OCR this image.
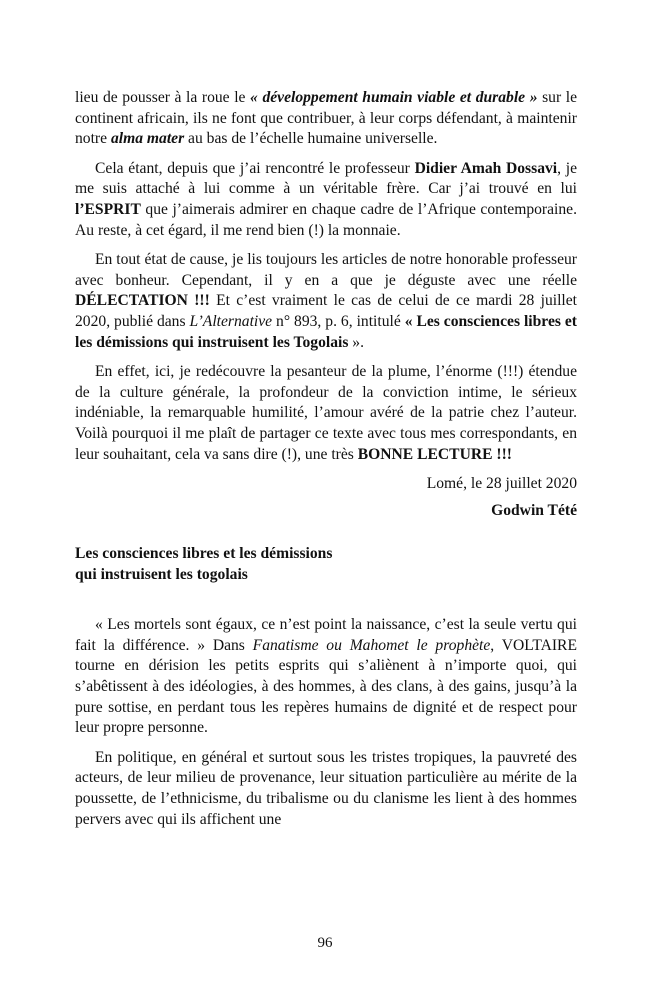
lieu de pousser à la roue le « développement humain viable et durable » sur le continent africain, ils ne font que contribuer, à leur corps défendant, à maintenir notre alma mater au bas de l’échelle humaine universelle.

Cela étant, depuis que j’ai rencontré le professeur Didier Amah Dossavi, je me suis attaché à lui comme à un véritable frère. Car j’ai trouvé en lui l’ESPRIT que j’aimerais admirer en chaque cadre de l’Afrique contemporaine. Au reste, à cet égard, il me rend bien (!) la monnaie.

En tout état de cause, je lis toujours les articles de notre honorable professeur avec bonheur. Cependant, il y en a que je déguste avec une réelle DÉLECTATION !!! Et c’est vraiment le cas de celui de ce mardi 28 juillet 2020, publié dans L’Alternative n° 893, p. 6, intitulé « Les consciences libres et les démissions qui instruisent les Togolais ».

En effet, ici, je redécouvre la pesanteur de la plume, l’énorme (!!!) étendue de la culture générale, la profondeur de la conviction intime, le sérieux indéniable, la remarquable humilité, l’amour avéré de la patrie chez l’auteur. Voilà pourquoi il me plaît de partager ce texte avec tous mes correspondants, en leur souhaitant, cela va sans dire (!), une très BONNE LECTURE !!!

Lomé, le 28 juillet 2020

Godwin Tété

Les consciences libres et les démissions
qui instruisent les togolais

« Les mortels sont égaux, ce n’est point la naissance, c’est la seule vertu qui fait la différence. » Dans Fanatisme ou Mahomet le prophète, VOLTAIRE tourne en dérision les petits esprits qui s’aliènent à n’importe quoi, qui s’abêtissent à des idéologies, à des hommes, à des clans, à des gains, jusqu’à la pure sottise, en perdant tous les repères humains de dignité et de respect pour leur propre personne.

En politique, en général et surtout sous les tristes tropiques, la pauvreté des acteurs, de leur milieu de provenance, leur situation particulière au mérite de la poussette, de l’ethnicisme, du tribalisme ou du clanisme les lient à des hommes pervers avec qui ils affichent une

96
